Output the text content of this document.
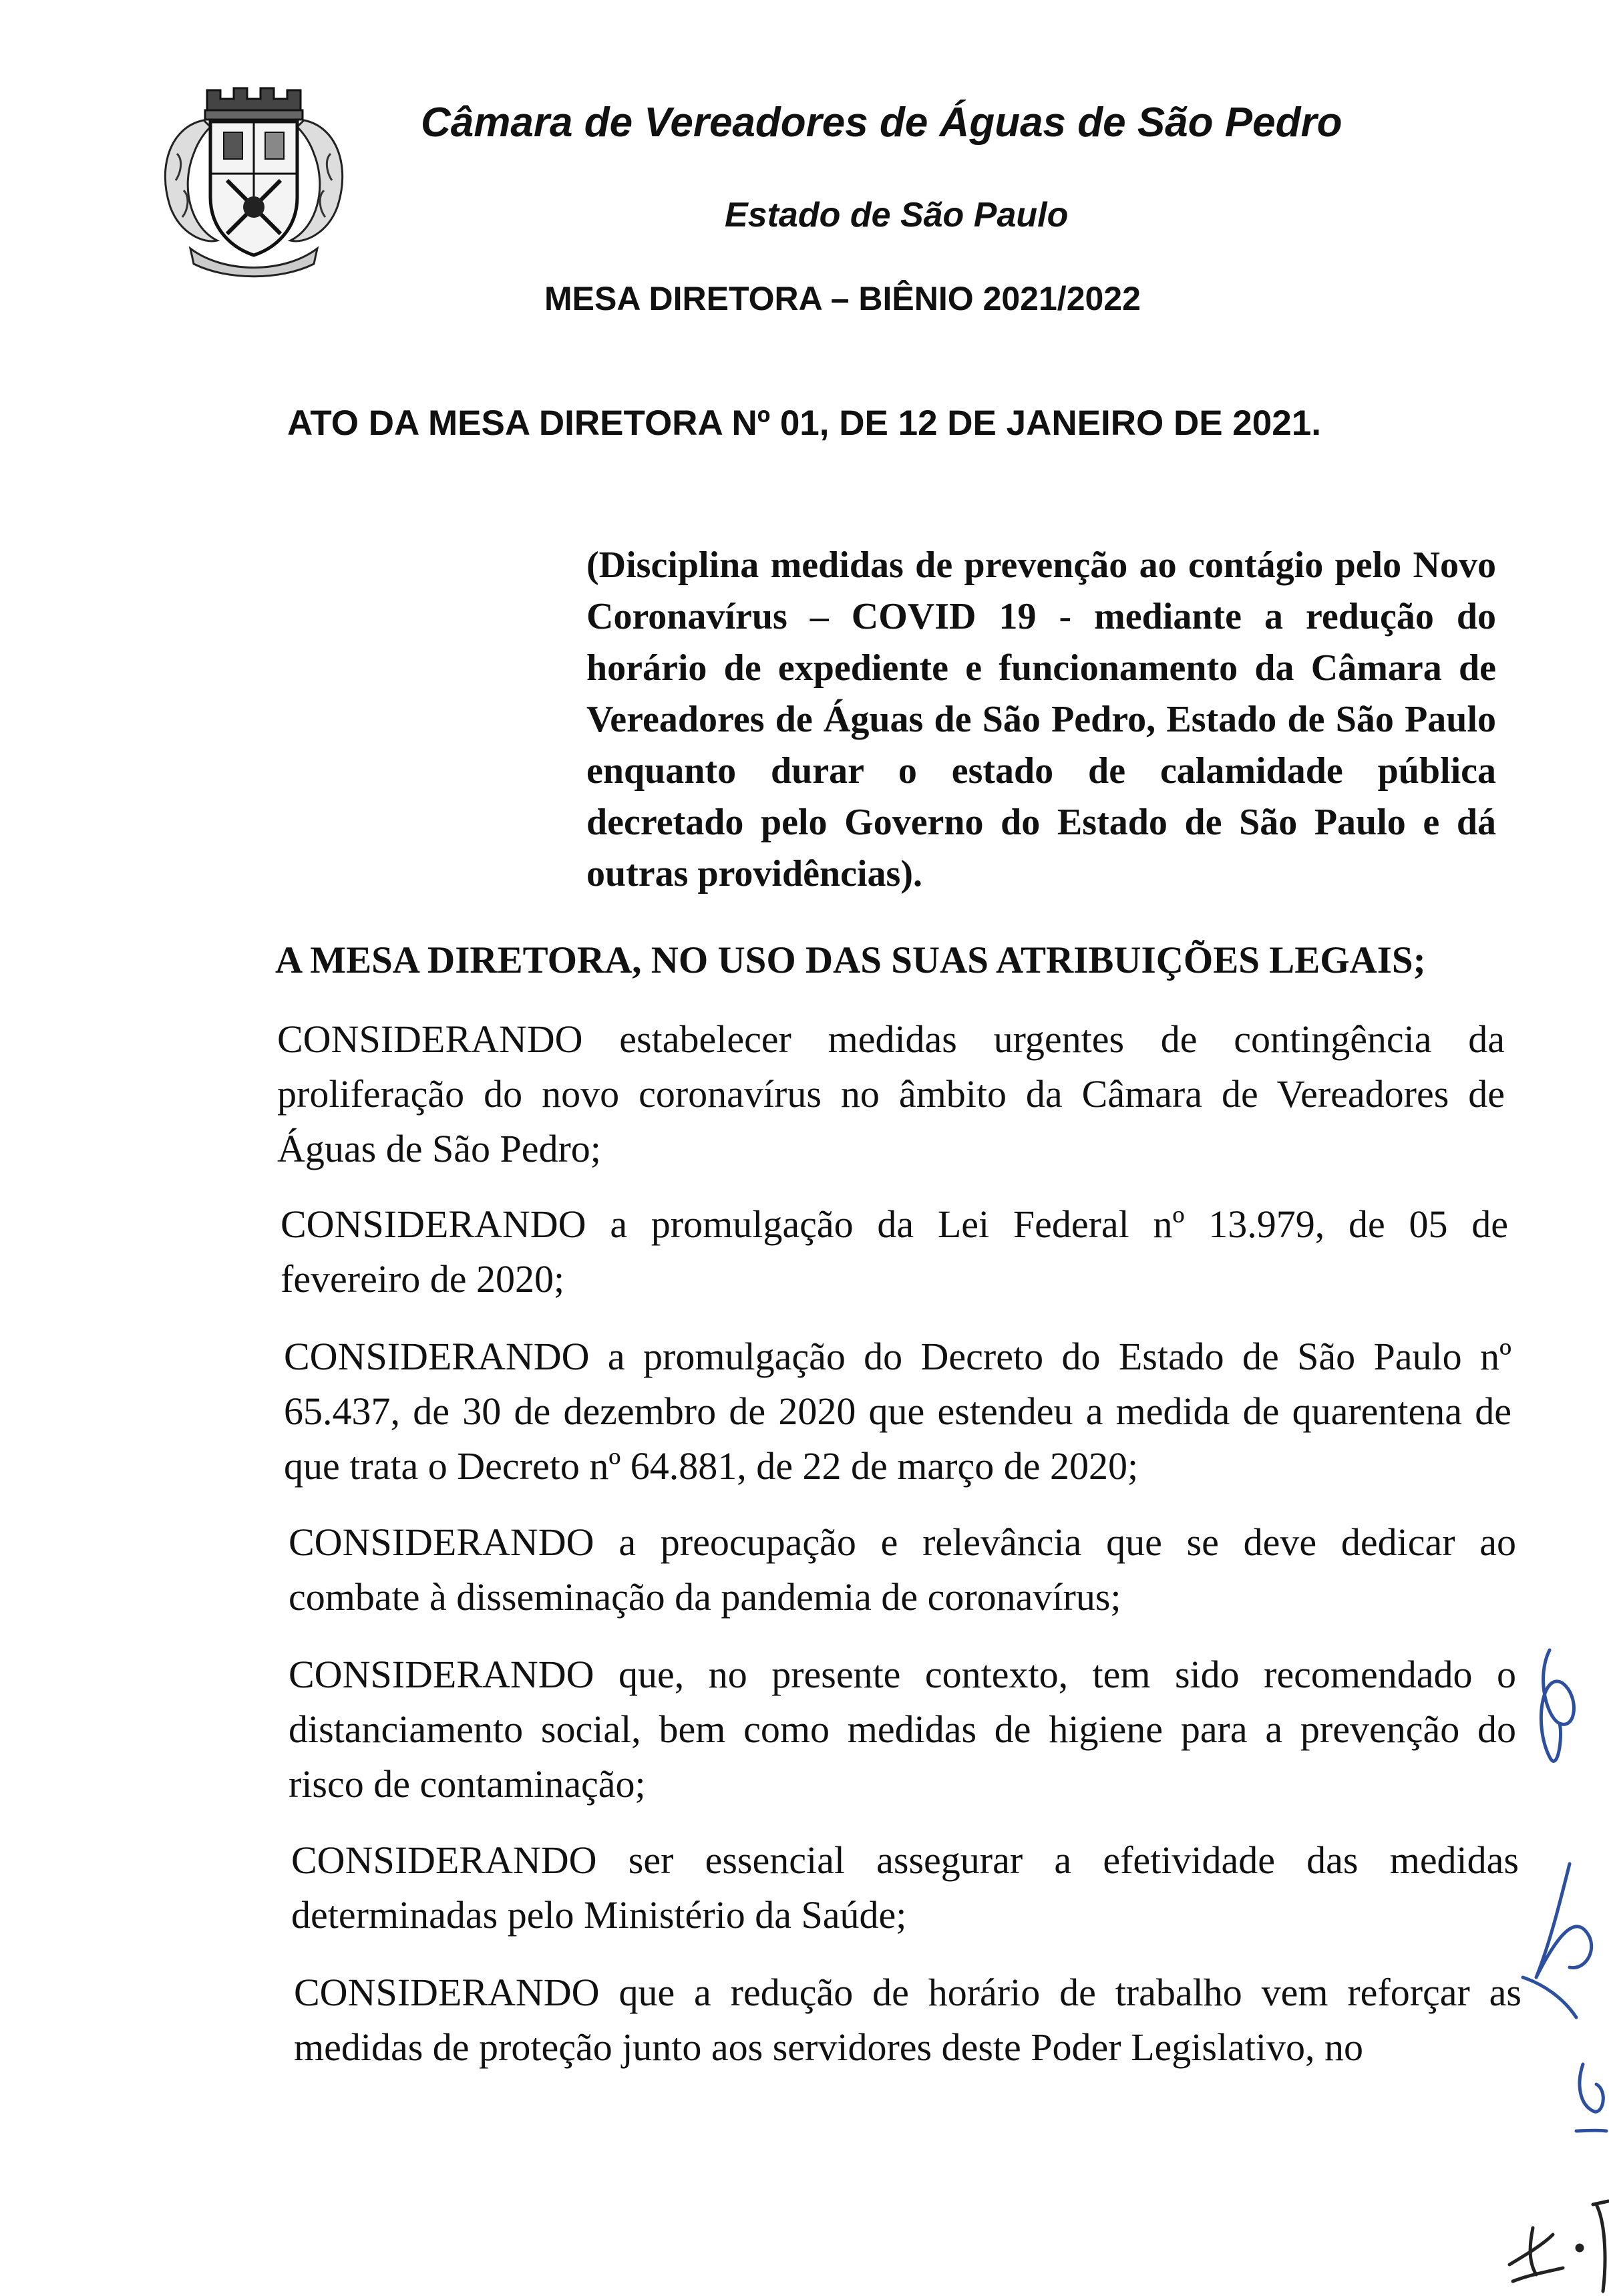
Câmara de Vereadores de Águas de São Pedro
Estado de São Paulo
MESA DIRETORA – BIÊNIO 2021/2022
ATO DA MESA DIRETORA Nº 01, DE 12 DE JANEIRO DE 2021.
(Disciplina medidas de prevenção ao contágio pelo Novo Coronavírus – COVID 19 - mediante a redução do horário de expediente e funcionamento da Câmara de Vereadores de Águas de São Pedro, Estado de São Paulo enquanto durar o estado de calamidade pública decretado pelo Governo do Estado de São Paulo e dá outras providências).
A MESA DIRETORA, NO USO DAS SUAS ATRIBUIÇÕES LEGAIS;
CONSIDERANDO estabelecer medidas urgentes de contingência da proliferação do novo coronavírus no âmbito da Câmara de Vereadores de Águas de São Pedro;
CONSIDERANDO a promulgação da Lei Federal nº 13.979, de 05 de fevereiro de 2020;
CONSIDERANDO a promulgação do Decreto do Estado de São Paulo nº 65.437, de 30 de dezembro de 2020 que estendeu a medida de quarentena de que trata o Decreto nº 64.881, de 22 de março de 2020;
CONSIDERANDO a preocupação e relevância que se deve dedicar ao combate à disseminação da pandemia de coronavírus;
CONSIDERANDO que, no presente contexto, tem sido recomendado o distanciamento social, bem como medidas de higiene para a prevenção do risco de contaminação;
CONSIDERANDO ser essencial assegurar a efetividade das medidas determinadas pelo Ministério da Saúde;
CONSIDERANDO que a redução de horário de trabalho vem reforçar as medidas de proteção junto aos servidores deste Poder Legislativo, no
